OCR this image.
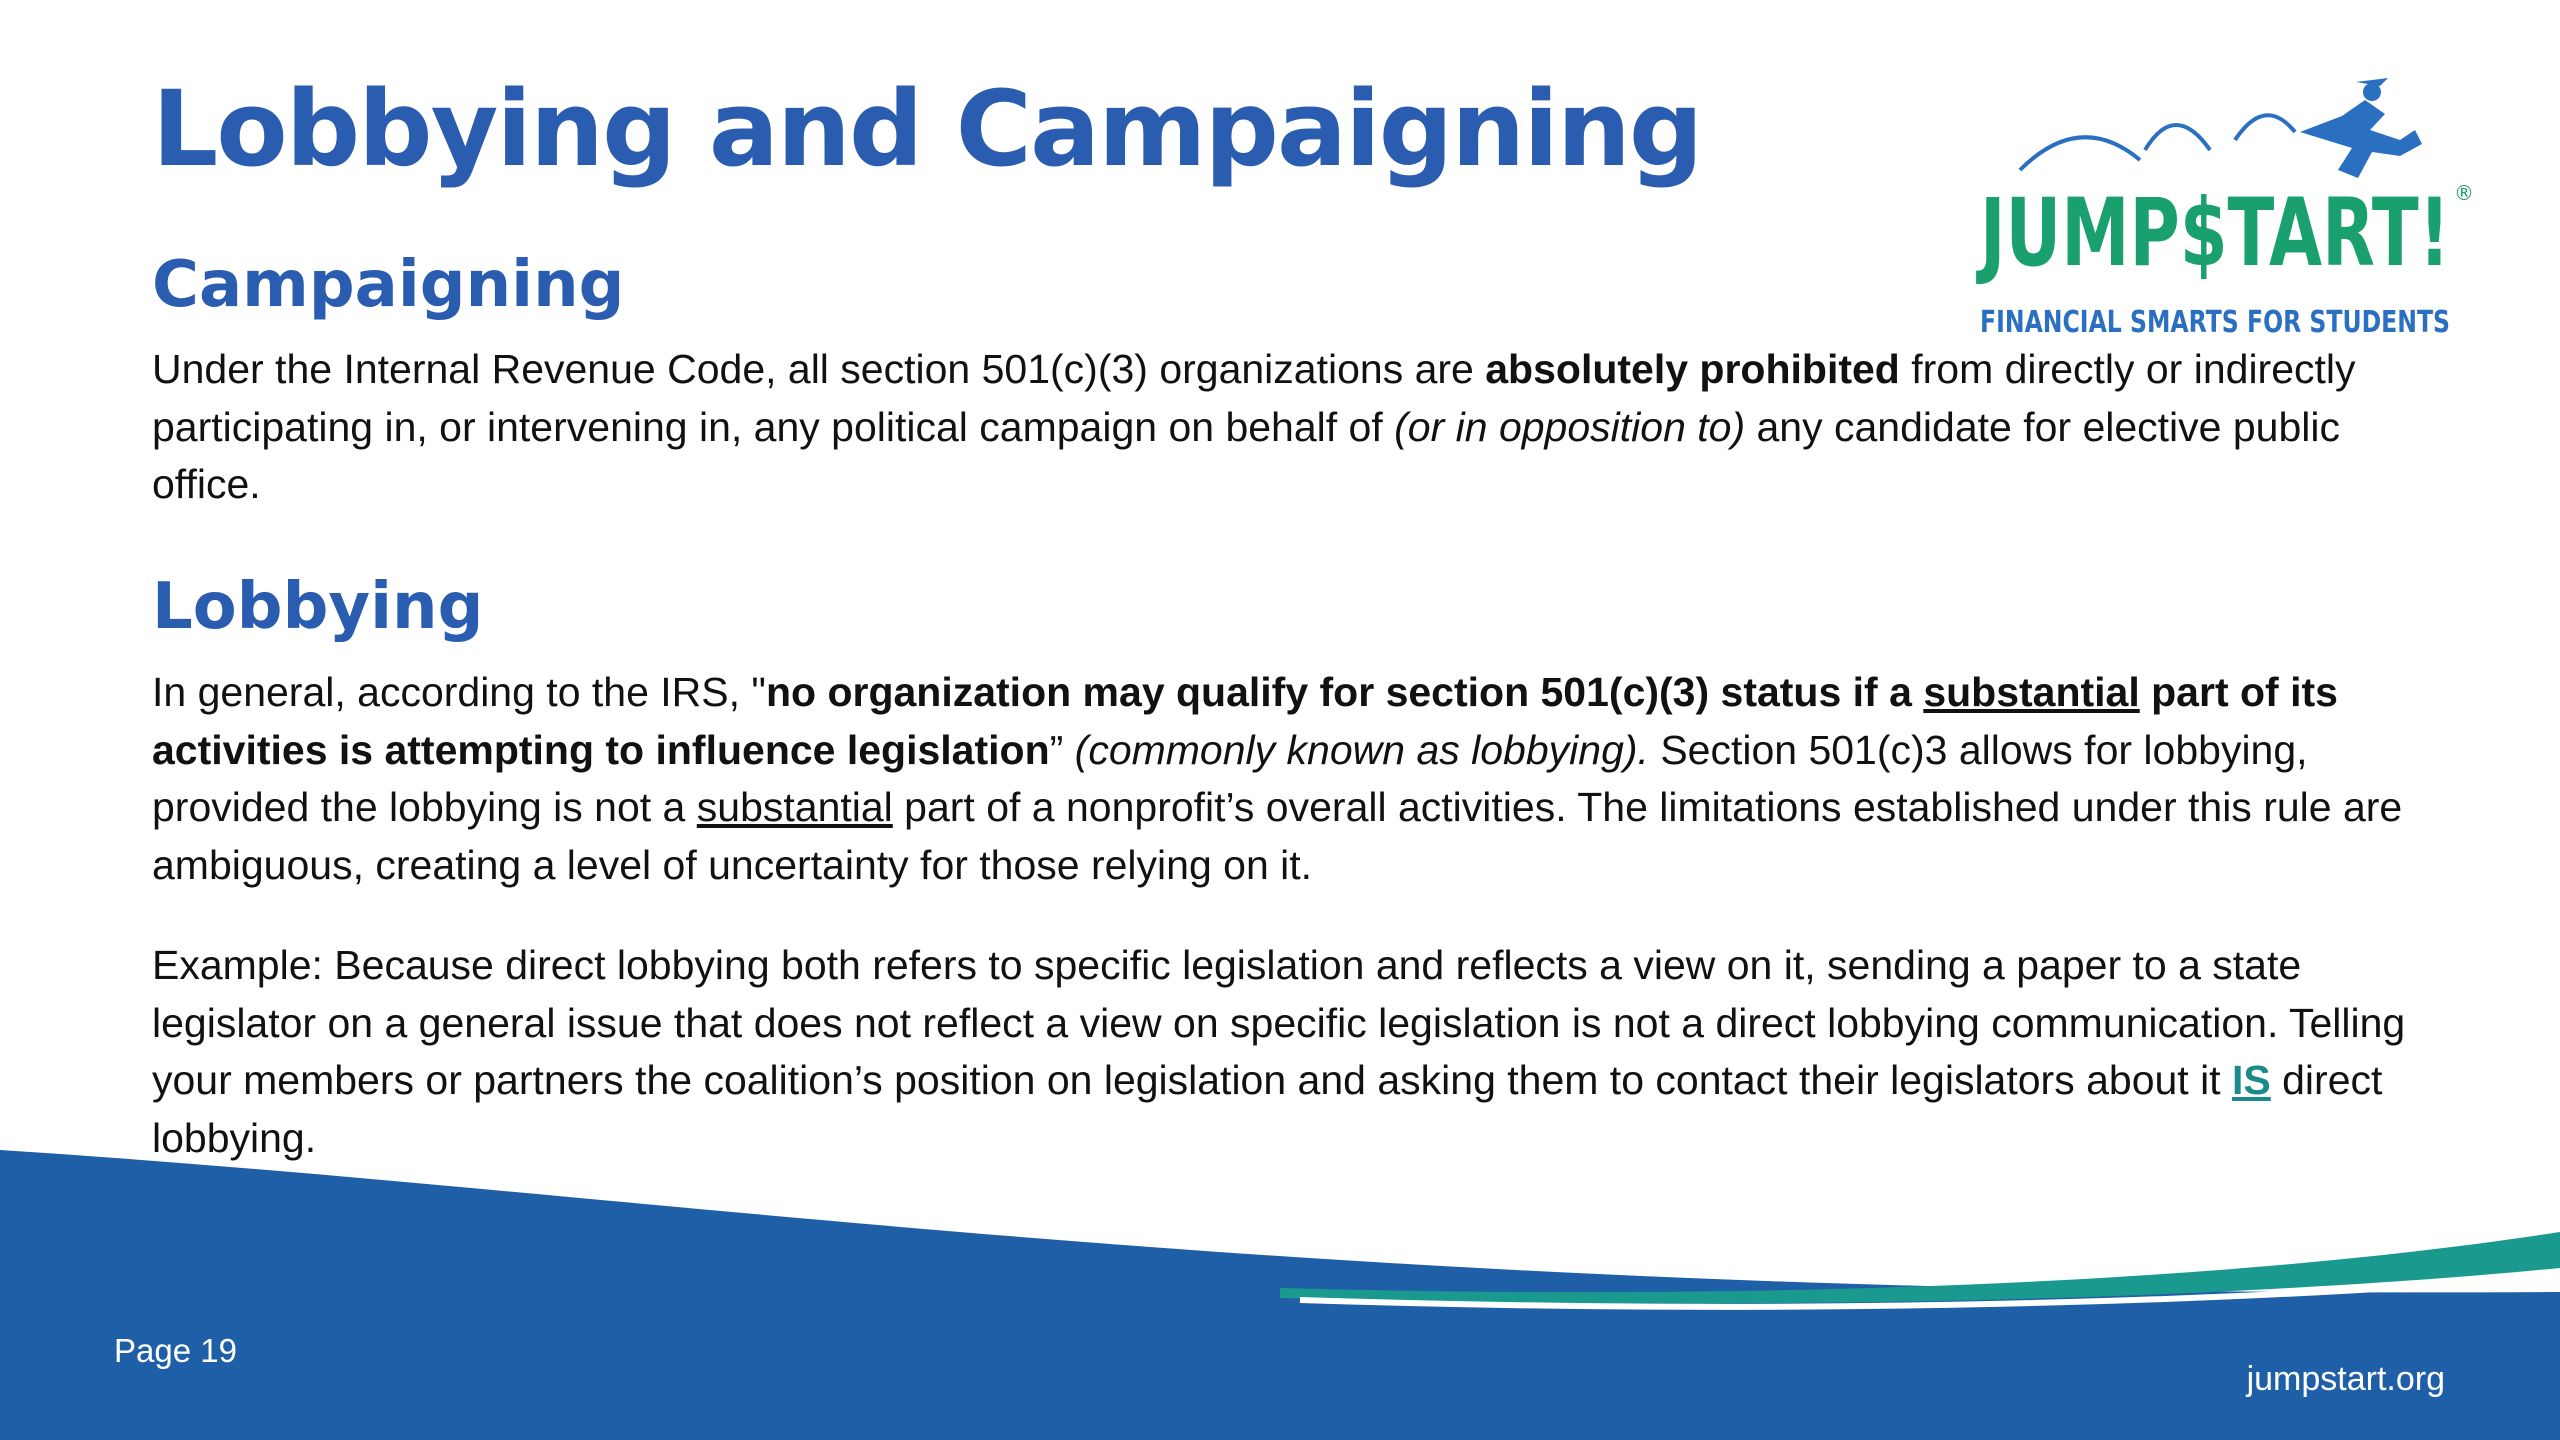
Lobbying and Campaigning
JUMP$TART! ®
FINANCIAL SMARTS FOR STUDENTS
Campaigning

Under the Internal Revenue Code, all section 501(c)(3) organizations are absolutely prohibited from directly or indirectly participating in, or intervening in, any political campaign on behalf of (or in opposition to) any candidate for elective public office.

Lobbying

In general, according to the IRS, "no organization may qualify for section 501(c)(3) status if a substantial part of its activities is attempting to influence legislation” (commonly known as lobbying). Section 501(c)3 allows for lobbying, provided the lobbying is not a substantial part of a nonprofit’s overall activities. The limitations established under this rule are ambiguous, creating a level of uncertainty for those relying on it.

Example: Because direct lobbying both refers to specific legislation and reflects a view on it, sending a paper to a state legislator on a general issue that does not reflect a view on specific legislation is not a direct lobbying communication. Telling your members or partners the coalition’s position on legislation and asking them to contact their legislators about it IS direct lobbying.

Page 19
jumpstart.org
